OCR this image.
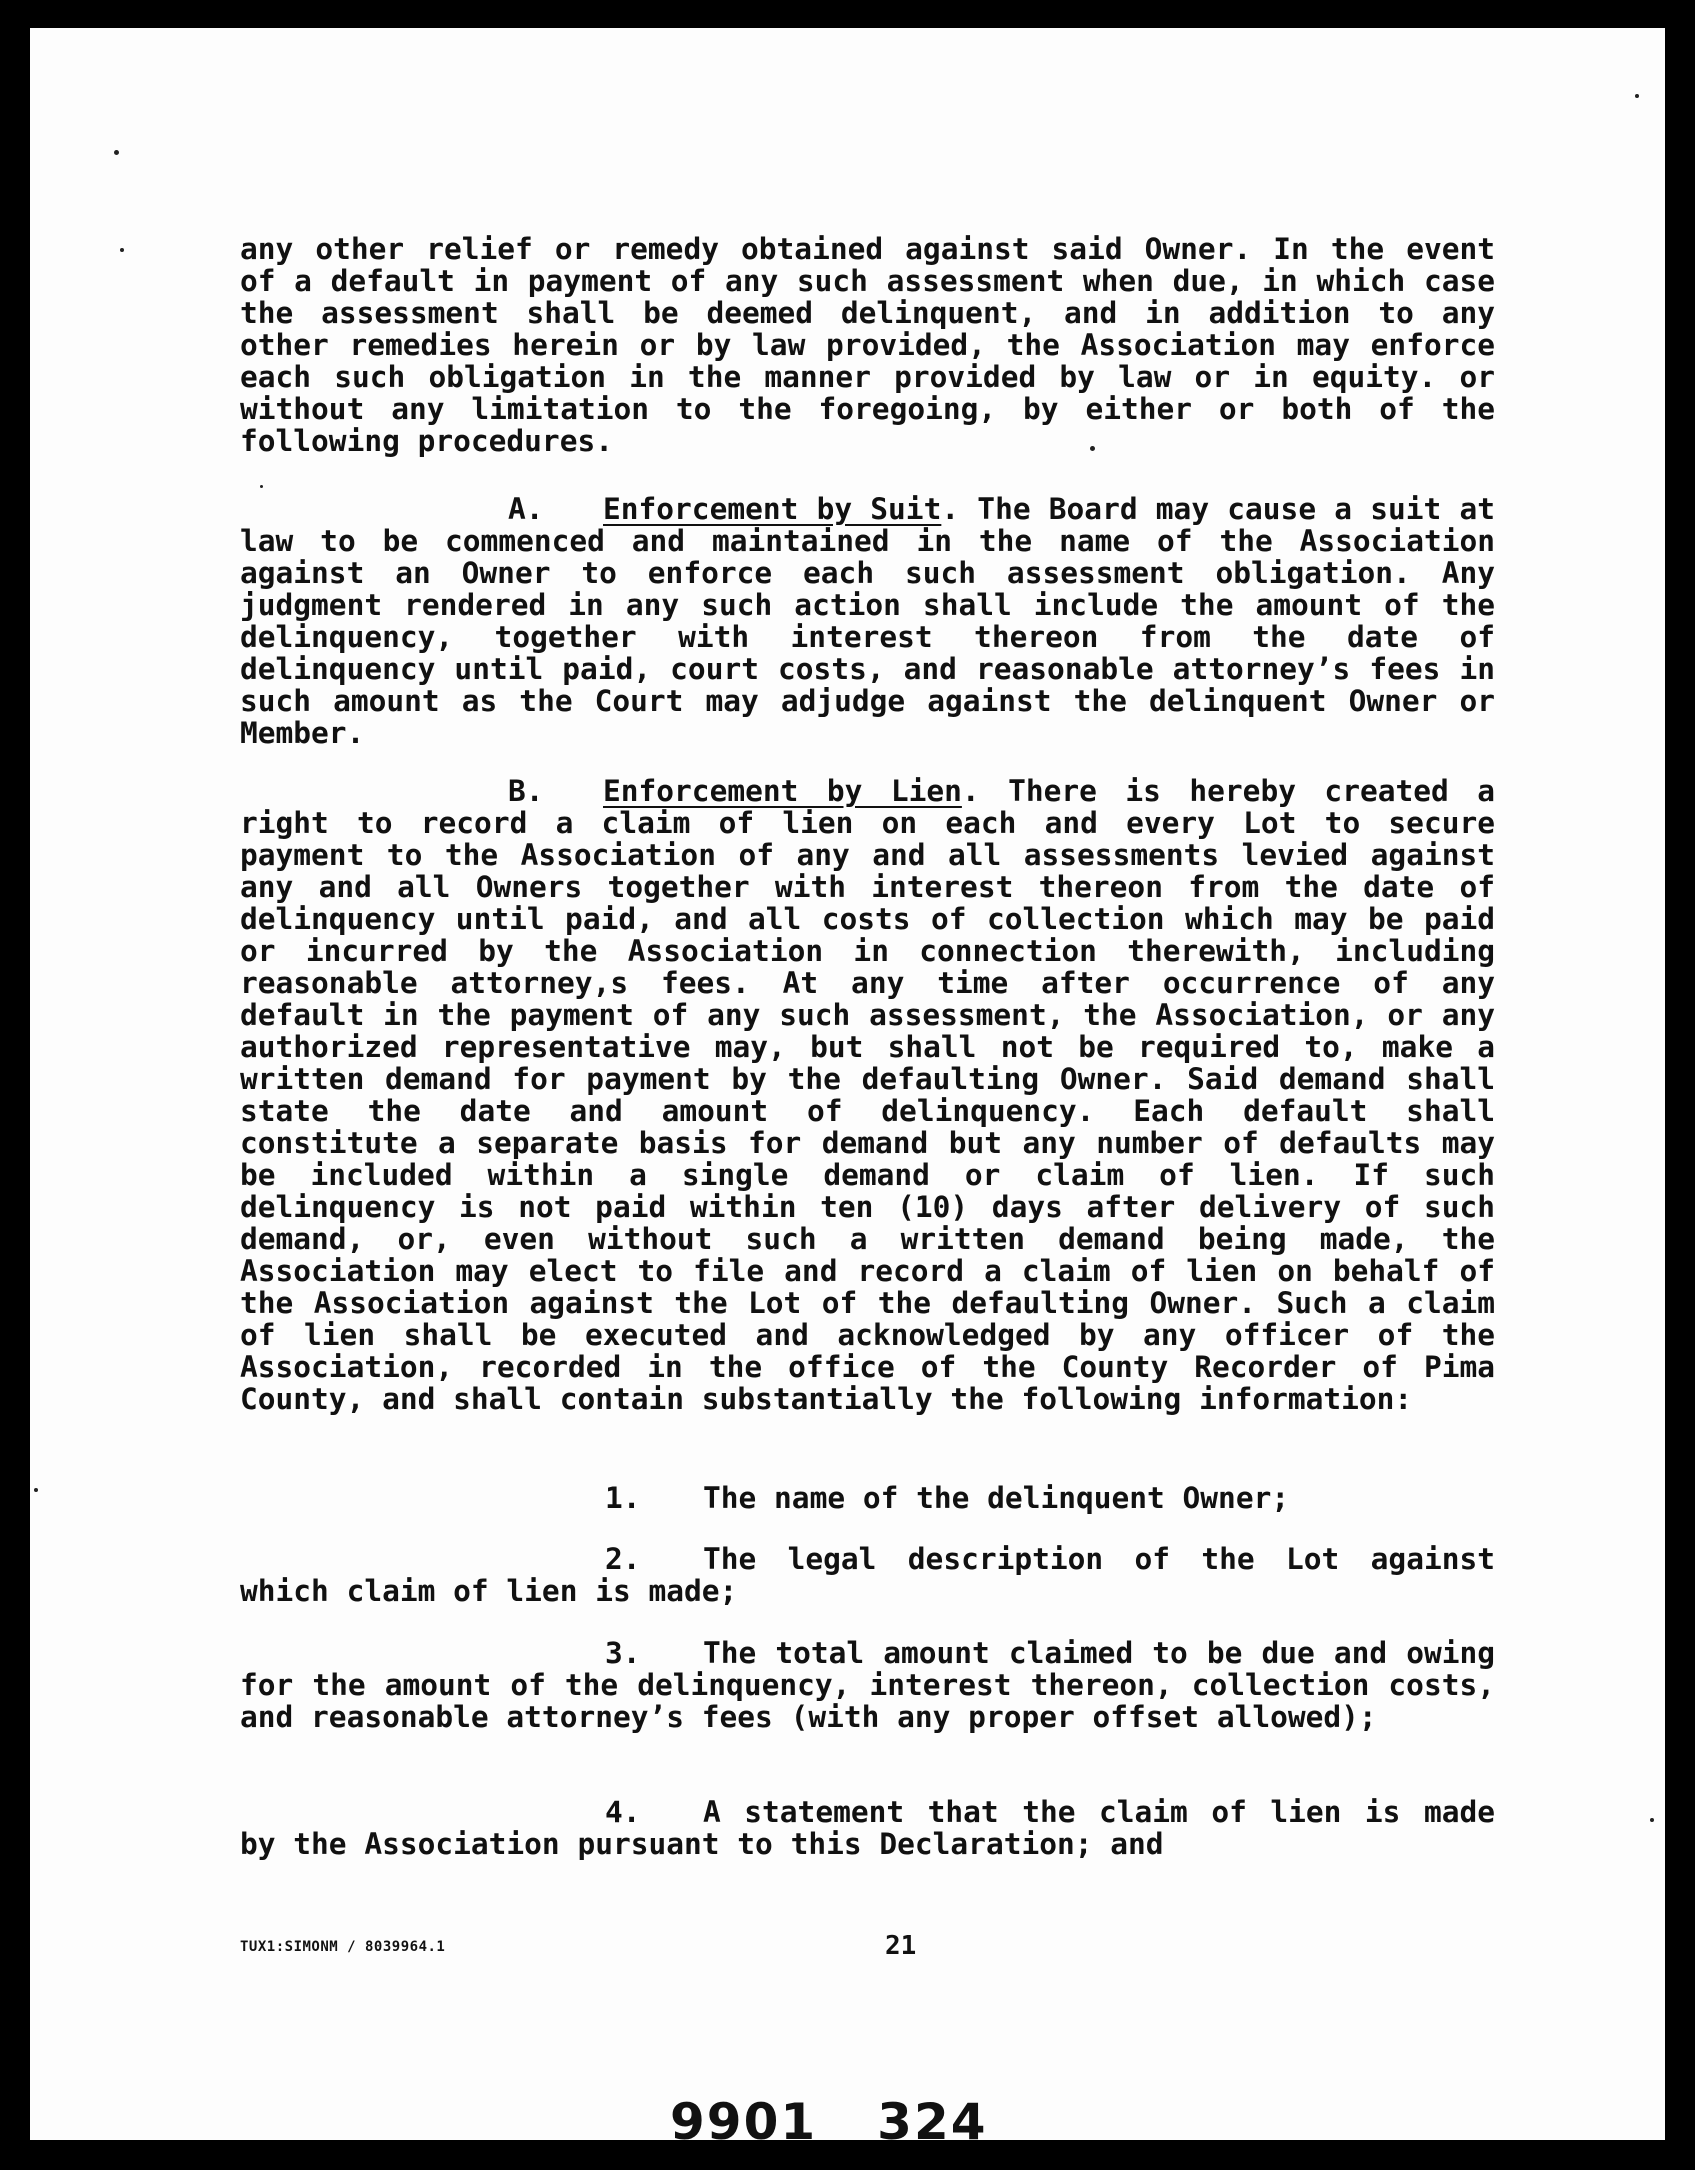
any other relief or remedy obtained against said Owner. In the event of a default in payment of any such assessment when due, in which case the assessment shall be deemed delinquent, and in addition to any other remedies herein or by law provided, the Association may enforce each such obligation in the manner provided by law or in equity. or without any limitation to the foregoing, by either or both of the following procedures.

A. Enforcement by Suit. The Board may cause a suit at law to be commenced and maintained in the name of the Association against an Owner to enforce each such assessment obligation. Any judgment rendered in any such action shall include the amount of the delinquency, together with interest thereon from the date of delinquency until paid, court costs, and reasonable attorney’s fees in such amount as the Court may adjudge against the delinquent Owner or Member.

B. Enforcement by Lien. There is hereby created a right to record a claim of lien on each and every Lot to secure payment to the Association of any and all assessments levied against any and all Owners together with interest thereon from the date of delinquency until paid, and all costs of collection which may be paid or incurred by the Association in connection therewith, including reasonable attorney,s fees. At any time after occurrence of any default in the payment of any such assessment, the Association, or any authorized representative may, but shall not be required to, make a written demand for payment by the defaulting Owner. Said demand shall state the date and amount of delinquency. Each default shall constitute a separate basis for demand but any number of defaults may be included within a single demand or claim of lien. If such delinquency is not paid within ten (10) days after delivery of such demand, or, even without such a written demand being made, the Association may elect to file and record a claim of lien on behalf of the Association against the Lot of the defaulting Owner. Such a claim of lien shall be executed and acknowledged by any officer of the Association, recorded in the office of the County Recorder of Pima County, and shall contain substantially the following information:

1. The name of the delinquent Owner;

2. The legal description of the Lot against which claim of lien is made;

3. The total amount claimed to be due and owing for the amount of the delinquency, interest thereon, collection costs, and reasonable attorney’s fees (with any proper offset allowed);

4. A statement that the claim of lien is made by the Association pursuant to this Declaration; and

TUX1:SIMONM / 8039964.1	21
9901 324
